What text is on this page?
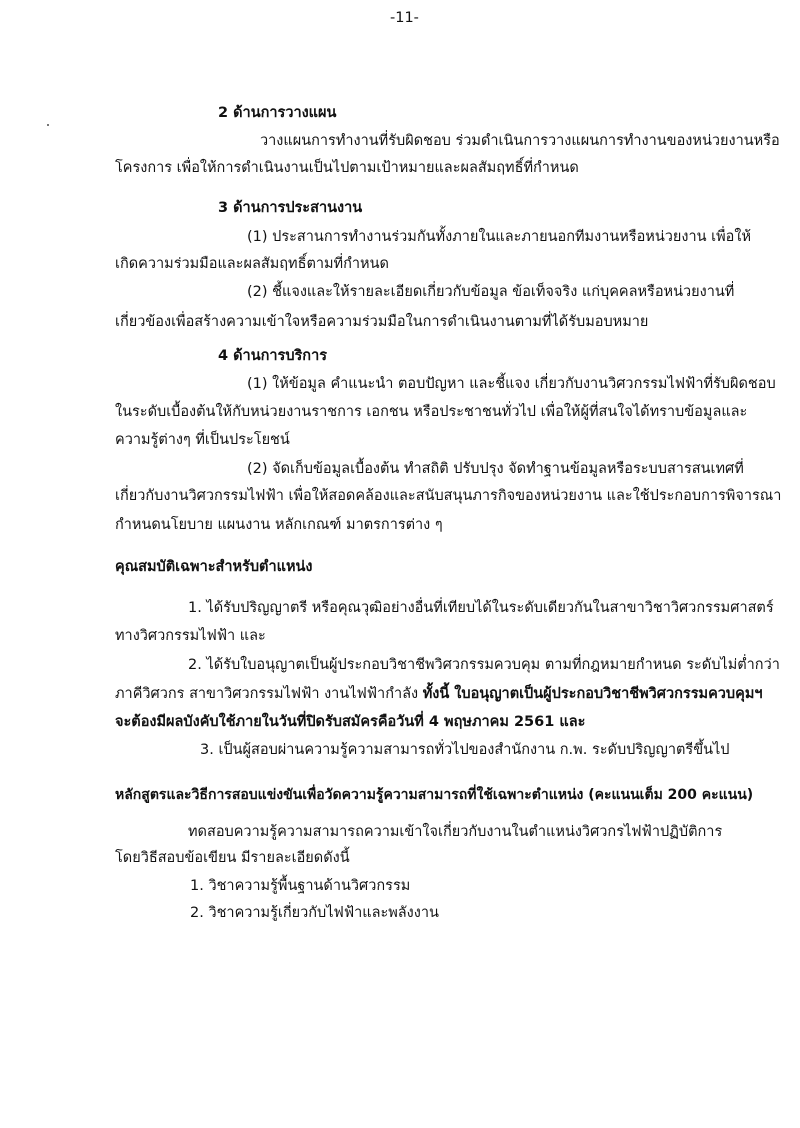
-11-
2 ด้านการวางแผน
วางแผนการทำงานที่รับผิดชอบ ร่วมดำเนินการวางแผนการทำงานของหน่วยงานหรือ
โครงการ เพื่อให้การดำเนินงานเป็นไปตามเป้าหมายและผลสัมฤทธิ์ที่กำหนด
3 ด้านการประสานงาน
(1) ประสานการทำงานร่วมกันทั้งภายในและภายนอกทีมงานหรือหน่วยงาน เพื่อให้
เกิดความร่วมมือและผลสัมฤทธิ์ตามที่กำหนด
(2) ชี้แจงและให้รายละเอียดเกี่ยวกับข้อมูล ข้อเท็จจริง แก่บุคคลหรือหน่วยงานที่
เกี่ยวข้องเพื่อสร้างความเข้าใจหรือความร่วมมือในการดำเนินงานตามที่ได้รับมอบหมาย
4 ด้านการบริการ
(1) ให้ข้อมูล คำแนะนำ ตอบปัญหา และชี้แจง เกี่ยวกับงานวิศวกรรมไฟฟ้าที่รับผิดชอบ
ในระดับเบื้องต้นให้กับหน่วยงานราชการ เอกชน หรือประชาชนทั่วไป เพื่อให้ผู้ที่สนใจได้ทราบข้อมูลและ
ความรู้ต่างๆ ที่เป็นประโยชน์
(2) จัดเก็บข้อมูลเบื้องต้น ทำสถิติ ปรับปรุง จัดทำฐานข้อมูลหรือระบบสารสนเทศที่
เกี่ยวกับงานวิศวกรรมไฟฟ้า เพื่อให้สอดคล้องและสนับสนุนภารกิจของหน่วยงาน และใช้ประกอบการพิจารณา
กำหนดนโยบาย แผนงาน หลักเกณฑ์ มาตรการต่าง ๆ
คุณสมบัติเฉพาะสำหรับตำแหน่ง
1. ได้รับปริญญาตรี หรือคุณวุฒิอย่างอื่นที่เทียบได้ในระดับเดียวกันในสาขาวิชาวิศวกรรมศาสตร์
ทางวิศวกรรมไฟฟ้า และ
2. ได้รับใบอนุญาตเป็นผู้ประกอบวิชาชีพวิศวกรรมควบคุม ตามที่กฎหมายกำหนด ระดับไม่ต่ำกว่า
ภาคีวิศวกร สาขาวิศวกรรมไฟฟ้า งานไฟฟ้ากำลัง ทั้งนี้ ใบอนุญาตเป็นผู้ประกอบวิชาชีพวิศวกรรมควบคุมฯ
จะต้องมีผลบังคับใช้ภายในวันที่ปิดรับสมัครคือวันที่ 4 พฤษภาคม 2561 และ
3. เป็นผู้สอบผ่านความรู้ความสามารถทั่วไปของสำนักงาน ก.พ. ระดับปริญญาตรีขึ้นไป
หลักสูตรและวิธีการสอบแข่งขันเพื่อวัดความรู้ความสามารถที่ใช้เฉพาะตำแหน่ง (คะแนนเต็ม 200 คะแนน)
ทดสอบความรู้ความสามารถความเข้าใจเกี่ยวกับงานในตำแหน่งวิศวกรไฟฟ้าปฏิบัติการ
โดยวิธีสอบข้อเขียน มีรายละเอียดดังนี้
1. วิชาความรู้พื้นฐานด้านวิศวกรรม
2. วิชาความรู้เกี่ยวกับไฟฟ้าและพลังงาน
